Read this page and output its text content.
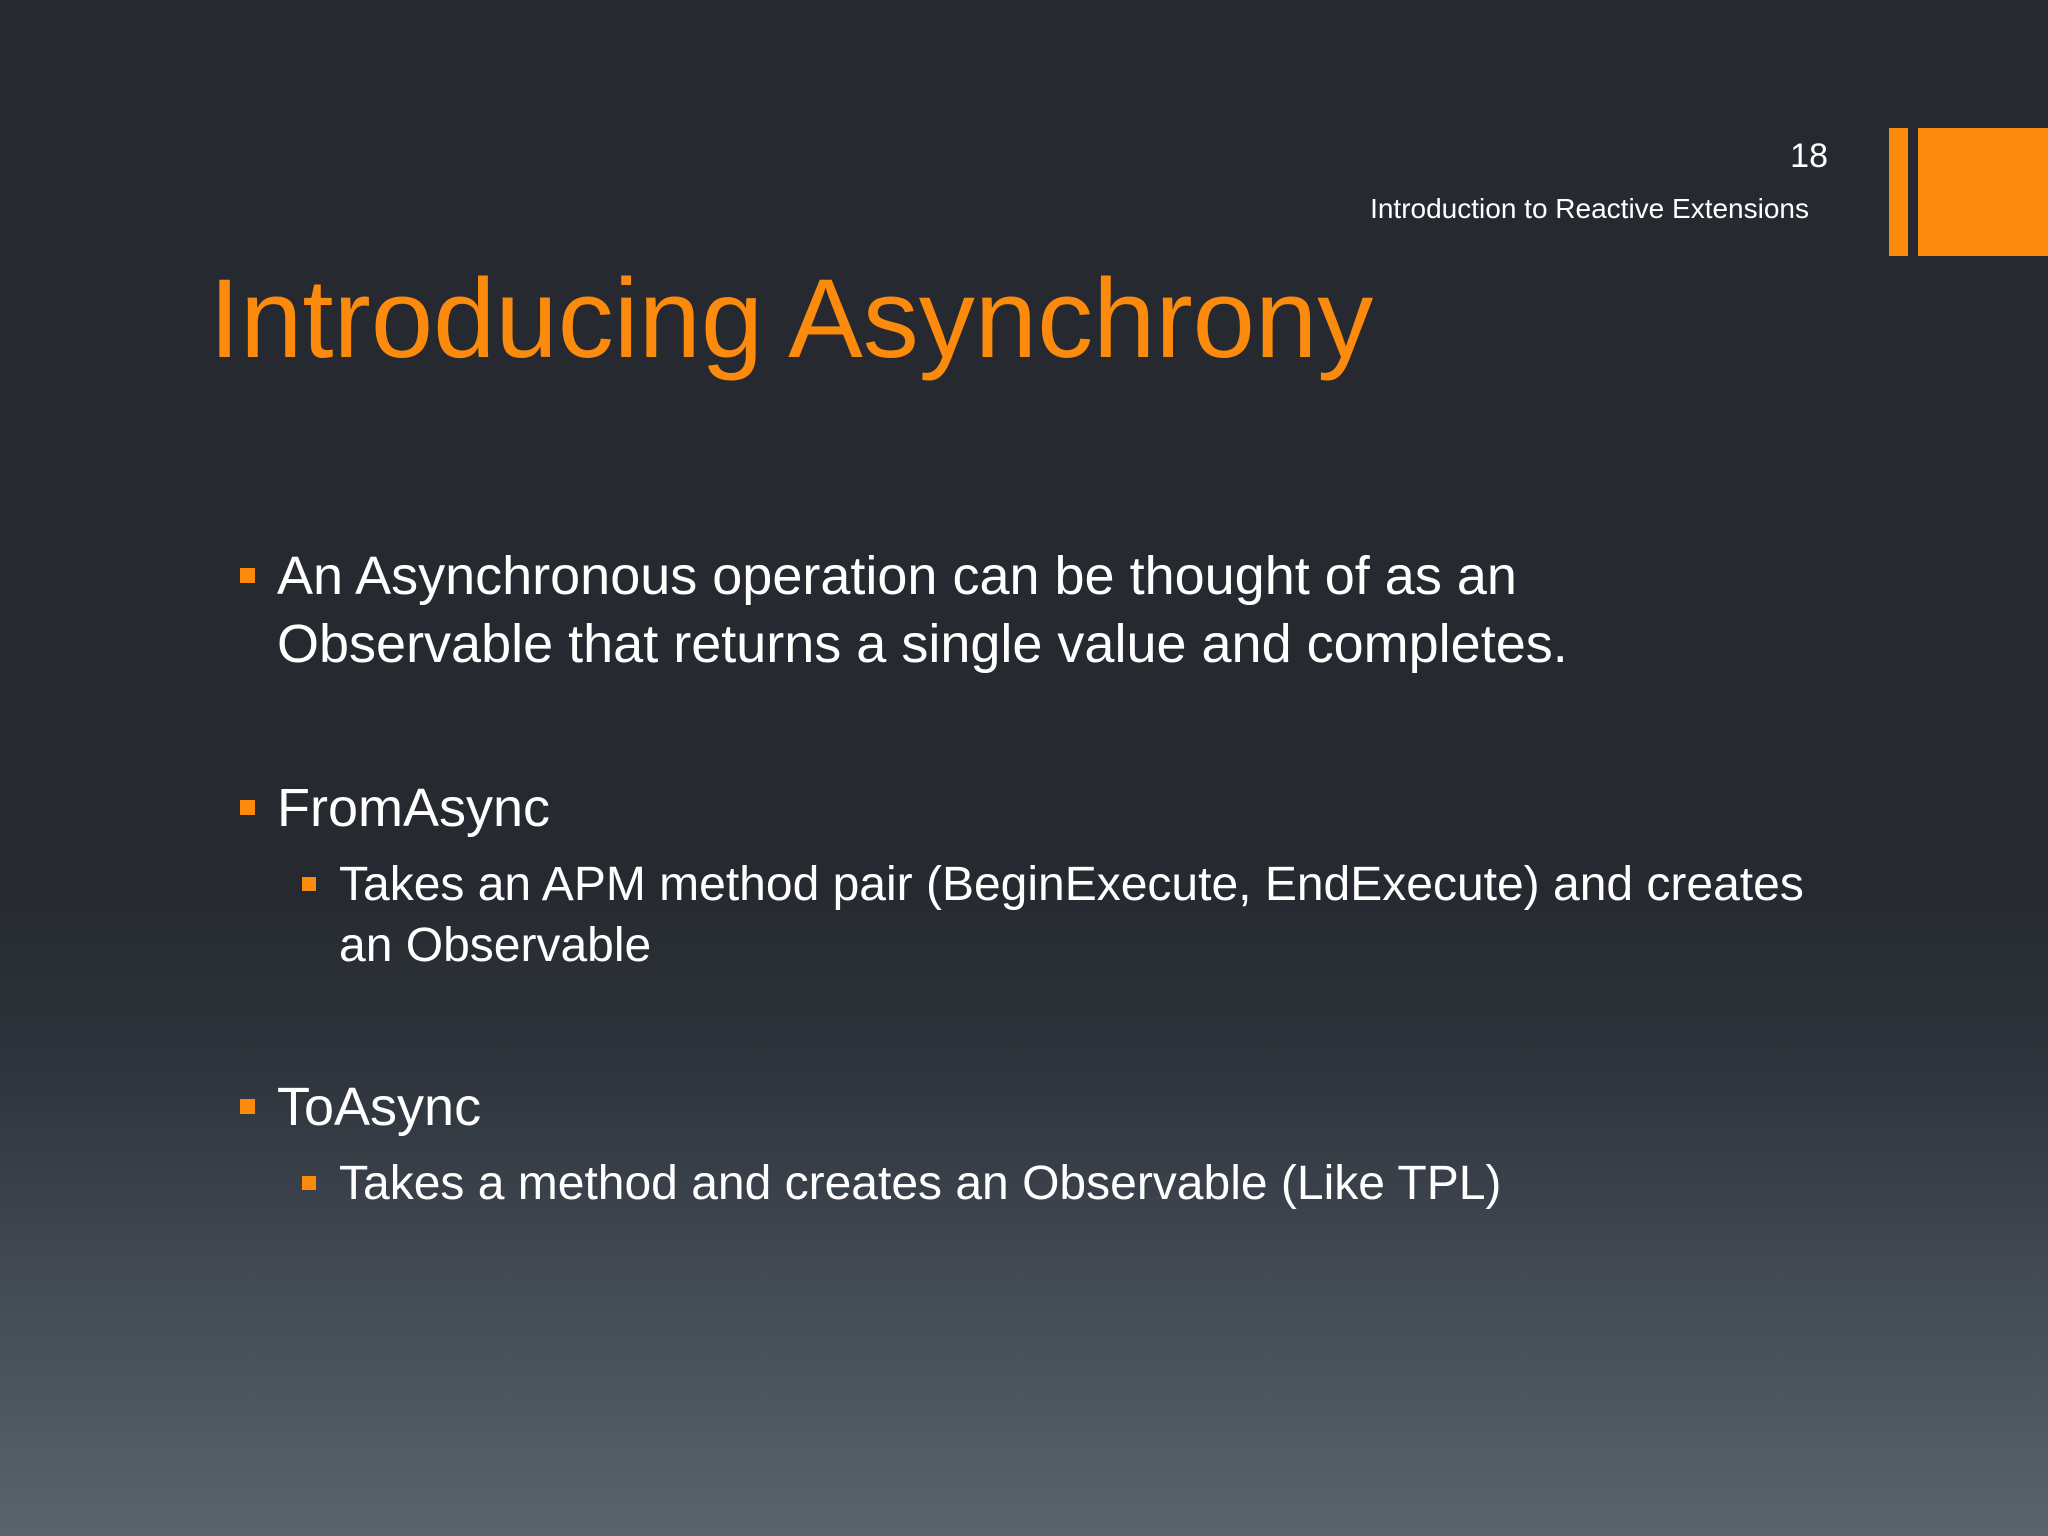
18
Introduction to Reactive Extensions
Introducing Asynchrony
An Asynchronous operation can be thought of as an Observable that returns a single value and completes.
FromAsync
Takes an APM method pair (BeginExecute, EndExecute) and creates an Observable
ToAsync
Takes a method and creates an Observable (Like TPL)
